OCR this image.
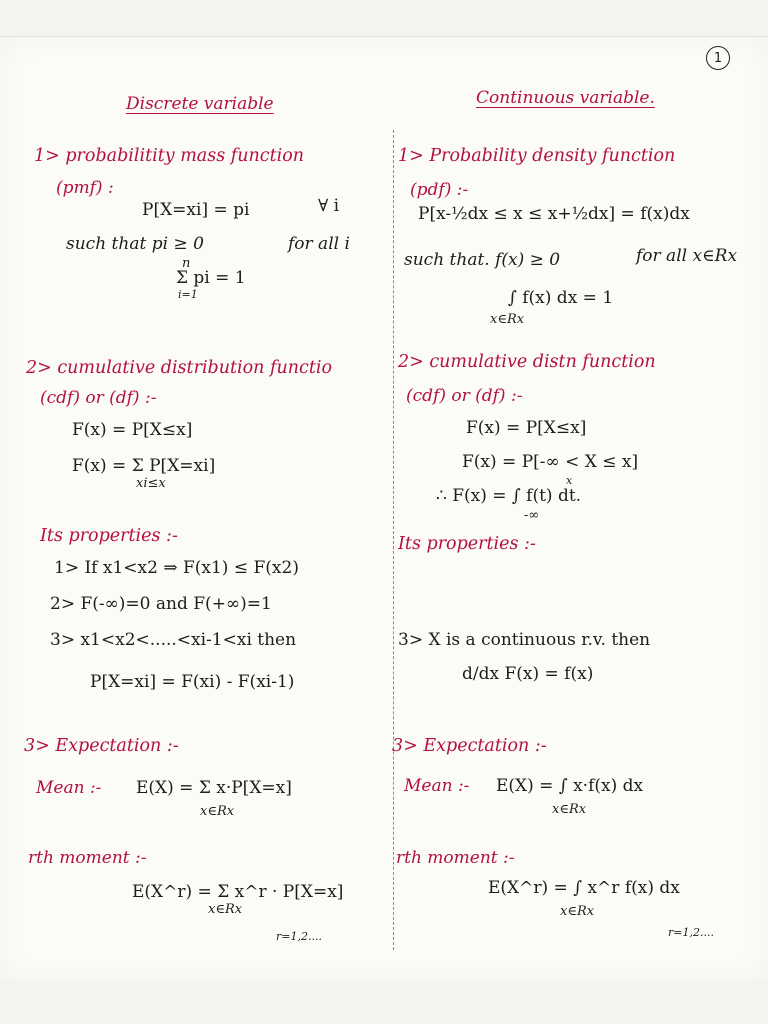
1
Discrete variable
1> probabilitity mass function
(pmf) :
P[X=xi] = pi	∀ i
such that pi ≥ 0	for all i
n
Σ pi = 1
i=1
2> cumulative distribution functio
(cdf) or (df) :-
F(x) = P[X≤x]
F(x) = Σ P[X=xi]
xi≤x
Its properties :-
1> If x1<x2 ⇒ F(x1) ≤ F(x2)
2> F(-∞)=0 and F(+∞)=1
3> x1<x2<.....<xi-1<xi then
P[X=xi] = F(xi) - F(xi-1)
3> Expectation :-
Mean :- E(X) = Σ x·P[X=x]
x∈Rx
rth moment :-
E(X^r) = Σ x^r · P[X=x]
x∈Rx
r=1,2....
Continuous variable.
1> Probability density function
(pdf) :-
P[x-½dx ≤ x ≤ x+½dx] = f(x)dx
such that. f(x) ≥ 0	for all x∈Rx
∫ f(x) dx = 1
x∈Rx
2> cumulative distn function
(cdf) or (df) :-
F(x) = P[X≤x]
F(x) = P[-∞ < X ≤ x]
x
∴ F(x) = ∫ f(t) dt.
-∞
Its properties :-
3> X is a continuous r.v. then
d/dx F(x) = f(x)
3> Expectation :-
Mean :- E(X) = ∫ x·f(x) dx
x∈Rx
rth moment :-
E(X^r) = ∫ x^r f(x) dx
x∈Rx
r=1,2....
